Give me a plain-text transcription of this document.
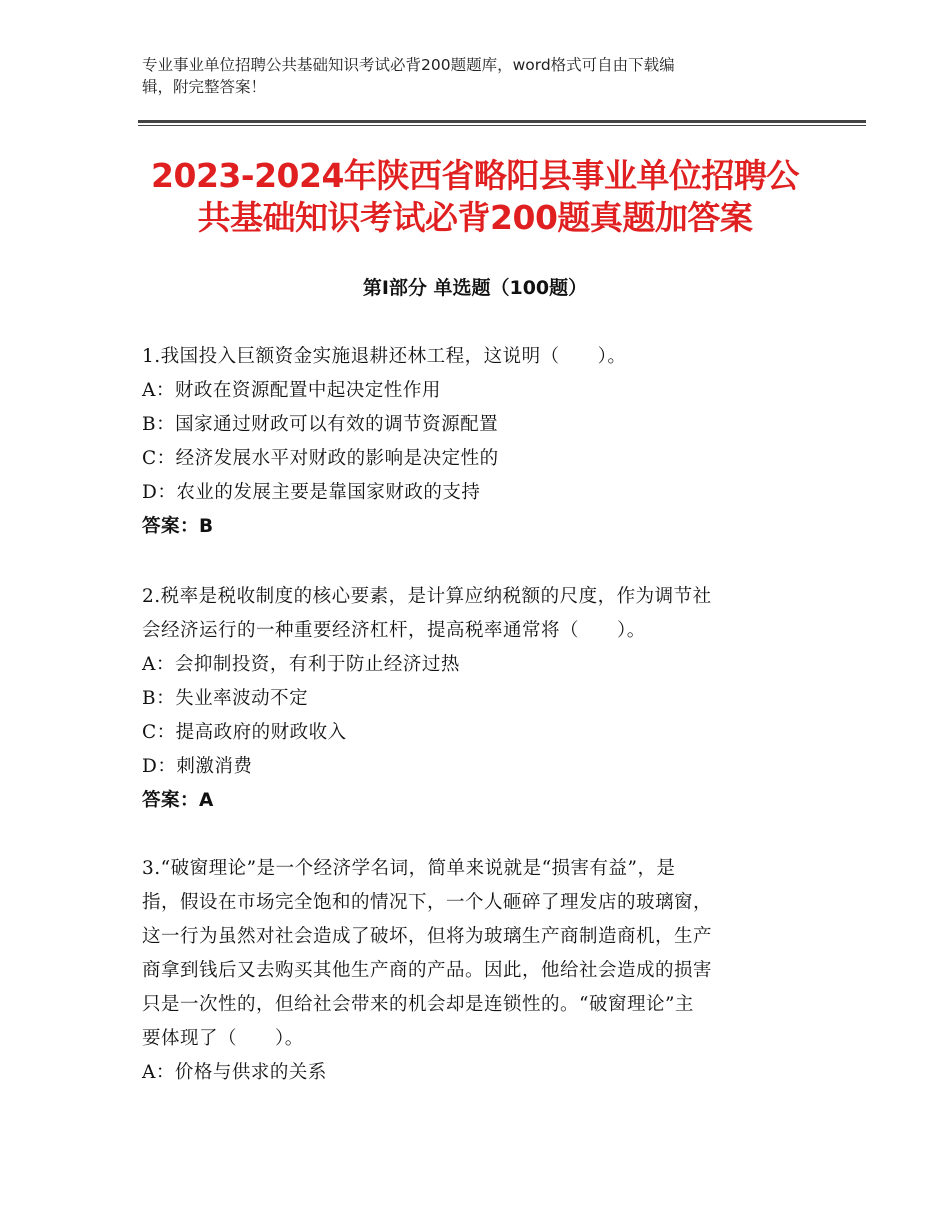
专业事业单位招聘公共基础知识考试必背200题题库，word格式可自由下载编
辑，附完整答案！
2023-2024年陕西省略阳县事业单位招聘公
共基础知识考试必背200题真题加答案
第Ⅰ部分 单选题（100题）

1.我国投入巨额资金实施退耕还林工程，这说明（　　）。

A：财政在资源配置中起决定性作用

B：国家通过财政可以有效的调节资源配置

C：经济发展水平对财政的影响是决定性的

D：农业的发展主要是靠国家财政的支持

答案：B

2.税率是税收制度的核心要素，是计算应纳税额的尺度，作为调节社

会经济运行的一种重要经济杠杆，提高税率通常将（　　）。

A：会抑制投资，有利于防止经济过热

B：失业率波动不定

C：提高政府的财政收入

D：刺激消费

答案：A

3.“破窗理论”是一个经济学名词，简单来说就是“损害有益”，是

指，假设在市场完全饱和的情况下，一个人砸碎了理发店的玻璃窗，

这一行为虽然对社会造成了破坏，但将为玻璃生产商制造商机，生产

商拿到钱后又去购买其他生产商的产品。因此，他给社会造成的损害

只是一次性的，但给社会带来的机会却是连锁性的。“破窗理论”主

要体现了（　　）。

A：价格与供求的关系
